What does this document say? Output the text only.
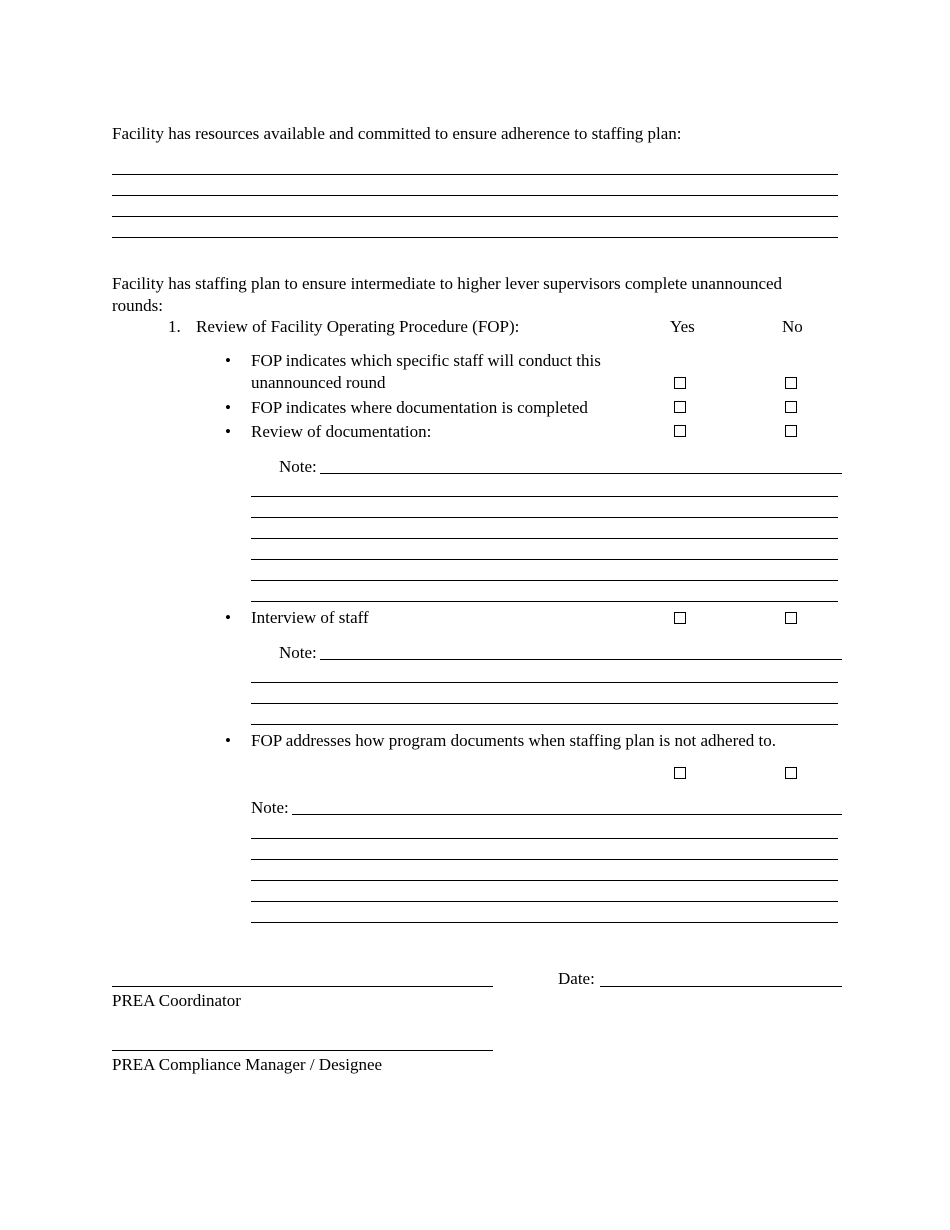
Facility has resources available and committed to ensure adherence to staffing plan:
Facility has staffing plan to ensure intermediate to higher lever supervisors complete unannounced
rounds:
1. Review of Facility Operating Procedure (FOP):	Yes	No
• FOP indicates which specific staff will conduct this
unannounced round
• FOP indicates where documentation is completed
• Review of documentation:
Note:
• Interview of staff
Note:
• FOP addresses how program documents when staffing plan is not adhered to.
Note:
Date:
PREA Coordinator
PREA Compliance Manager / Designee
